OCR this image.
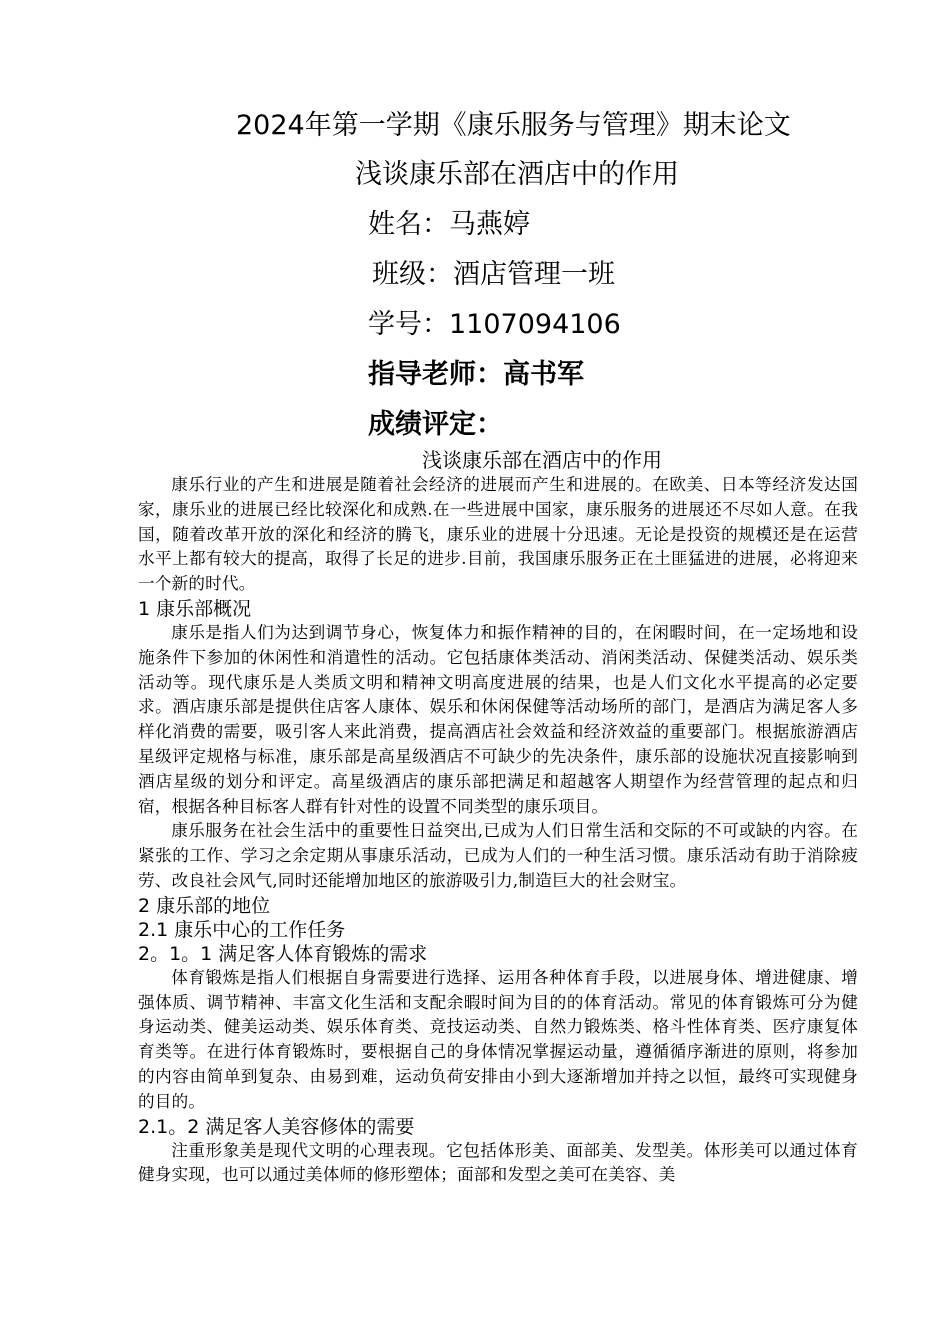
2024年第一学期《康乐服务与管理》期末论文
浅谈康乐部在酒店中的作用
姓名：马燕婷
班级：酒店管理一班
学号：1107094106
指导老师：高书军
成绩评定：
浅谈康乐部在酒店中的作用

康乐行业的产生和进展是随着社会经济的进展而产生和进展的。在欧美、日本等经济发达国家，康乐业的进展已经比较深化和成熟.在一些进展中国家，康乐服务的进展还不尽如人意。在我国，随着改革开放的深化和经济的腾飞，康乐业的进展十分迅速。无论是投资的规模还是在运营水平上都有较大的提高，取得了长足的进步.目前，我国康乐服务正在土匪猛进的进展，必将迎来一个新的时代。

1 康乐部概况

康乐是指人们为达到调节身心，恢复体力和振作精神的目的，在闲暇时间，在一定场地和设施条件下参加的休闲性和消遣性的活动。它包括康体类活动、消闲类活动、保健类活动、娱乐类活动等。现代康乐是人类质文明和精神文明高度进展的结果，也是人们文化水平提高的必定要求。酒店康乐部是提供住店客人康体、娱乐和休闲保健等活动场所的部门，是酒店为满足客人多样化消费的需要，吸引客人来此消费，提高酒店社会效益和经济效益的重要部门。根据旅游酒店星级评定规格与标准，康乐部是高星级酒店不可缺少的先决条件，康乐部的设施状况直接影响到酒店星级的划分和评定。高星级酒店的康乐部把满足和超越客人期望作为经营管理的起点和归宿，根据各种目标客人群有针对性的设置不同类型的康乐项目。

康乐服务在社会生活中的重要性日益突出,已成为人们日常生活和交际的不可或缺的内容。在紧张的工作、学习之余定期从事康乐活动，已成为人们的一种生活习惯。康乐活动有助于消除疲劳、改良社会风气,同时还能增加地区的旅游吸引力,制造巨大的社会财宝。

2 康乐部的地位
2.1 康乐中心的工作任务
2。1。1 满足客人体育锻炼的需求

体育锻炼是指人们根据自身需要进行选择、运用各种体育手段，以进展身体、增进健康、增强体质、调节精神、丰富文化生活和支配余暇时间为目的的体育活动。常见的体育锻炼可分为健身运动类、健美运动类、娱乐体育类、竞技运动类、自然力锻炼类、格斗性体育类、医疗康复体育类等。在进行体育锻炼时，要根据自己的身体情况掌握运动量，遵循循序渐进的原则，将参加的内容由简单到复杂、由易到难，运动负荷安排由小到大逐渐增加并持之以恒，最终可实现健身的目的。

2.1。2 满足客人美容修体的需要

注重形象美是现代文明的心理表现。它包括体形美、面部美、发型美。体形美可以通过体育健身实现，也可以通过美体师的修形塑体；面部和发型之美可在美容、美
